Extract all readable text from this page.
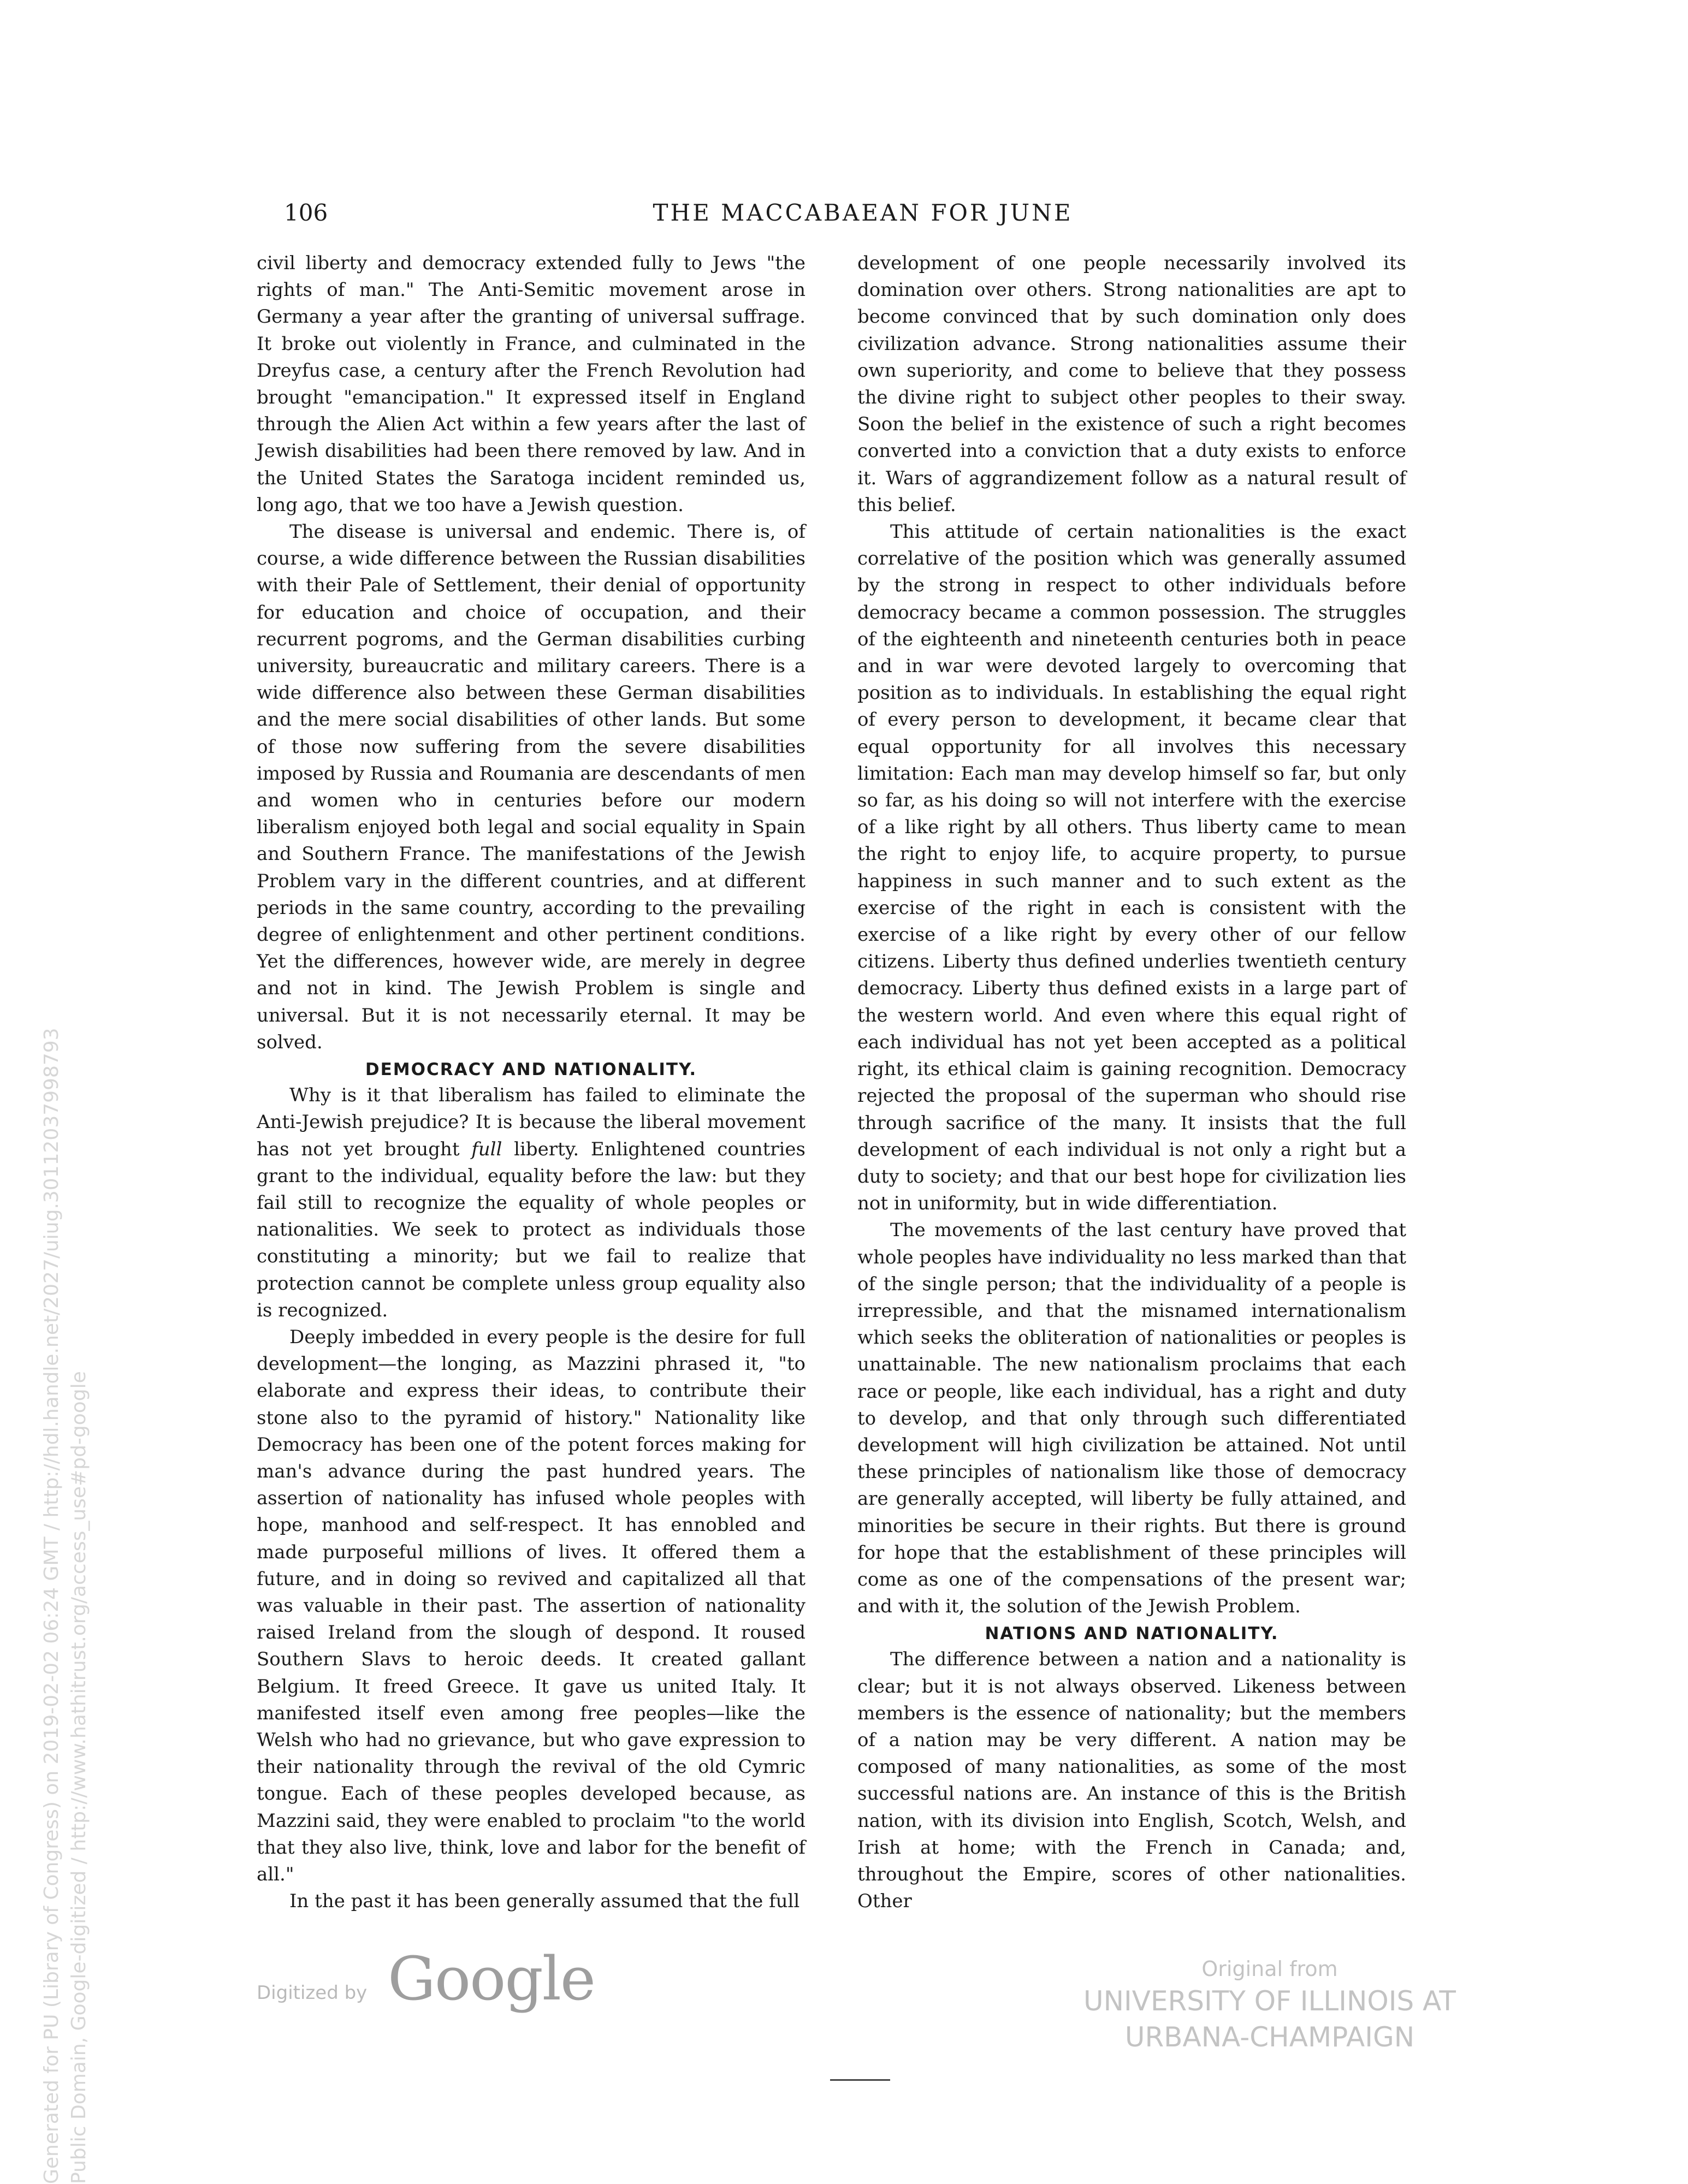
106	THE MACCABAEAN FOR JUNE

civil liberty and democracy extended fully to Jews "the rights of man." The Anti-Semitic movement arose in Germany a year after the granting of universal suffrage. It broke out violently in France, and culminated in the Dreyfus case, a century after the French Revolution had brought "emancipation." It expressed itself in England through the Alien Act within a few years after the last of Jewish disabilities had been there removed by law. And in the United States the Saratoga incident reminded us, long ago, that we too have a Jewish question.

The disease is universal and endemic. There is, of course, a wide difference between the Russian disabilities with their Pale of Settlement, their denial of opportunity for education and choice of occupation, and their recurrent pogroms, and the German disabilities curbing university, bureaucratic and military careers. There is a wide difference also between these German disabilities and the mere social disabilities of other lands. But some of those now suffering from the severe disabilities imposed by Russia and Roumania are descendants of men and women who in centuries before our modern liberalism enjoyed both legal and social equality in Spain and Southern France. The manifestations of the Jewish Problem vary in the different countries, and at different periods in the same country, according to the prevailing degree of enlightenment and other pertinent conditions. Yet the differences, however wide, are merely in degree and not in kind. The Jewish Problem is single and universal. But it is not necessarily eternal. It may be solved.

DEMOCRACY AND NATIONALITY.

Why is it that liberalism has failed to eliminate the Anti-Jewish prejudice? It is because the liberal movement has not yet brought full liberty. Enlightened countries grant to the individual, equality before the law: but they fail still to recognize the equality of whole peoples or nationalities. We seek to protect as individuals those constituting a minority; but we fail to realize that protection cannot be complete unless group equality also is recognized.

Deeply imbedded in every people is the desire for full development—the longing, as Mazzini phrased it, "to elaborate and express their ideas, to contribute their stone also to the pyramid of history." Nationality like Democracy has been one of the potent forces making for man's advance during the past hundred years. The assertion of nationality has infused whole peoples with hope, manhood and self-respect. It has ennobled and made purposeful millions of lives. It offered them a future, and in doing so revived and capitalized all that was valuable in their past. The assertion of nationality raised Ireland from the slough of despond. It roused Southern Slavs to heroic deeds. It created gallant Belgium. It freed Greece. It gave us united Italy. It manifested itself even among free peoples—like the Welsh who had no grievance, but who gave expression to their nationality through the revival of the old Cymric tongue. Each of these peoples developed because, as Mazzini said, they were enabled to proclaim "to the world that they also live, think, love and labor for the benefit of all."

In the past it has been generally assumed that the full

development of one people necessarily involved its domination over others. Strong nationalities are apt to become convinced that by such domination only does civilization advance. Strong nationalities assume their own superiority, and come to believe that they possess the divine right to subject other peoples to their sway. Soon the belief in the existence of such a right becomes converted into a conviction that a duty exists to enforce it. Wars of aggrandizement follow as a natural result of this belief.

This attitude of certain nationalities is the exact correlative of the position which was generally assumed by the strong in respect to other individuals before democracy became a common possession. The struggles of the eighteenth and nineteenth centuries both in peace and in war were devoted largely to overcoming that position as to individuals. In establishing the equal right of every person to development, it became clear that equal opportunity for all involves this necessary limitation: Each man may develop himself so far, but only so far, as his doing so will not interfere with the exercise of a like right by all others. Thus liberty came to mean the right to enjoy life, to acquire property, to pursue happiness in such manner and to such extent as the exercise of the right in each is consistent with the exercise of a like right by every other of our fellow citizens. Liberty thus defined underlies twentieth century democracy. Liberty thus defined exists in a large part of the western world. And even where this equal right of each individual has not yet been accepted as a political right, its ethical claim is gaining recognition. Democracy rejected the proposal of the superman who should rise through sacrifice of the many. It insists that the full development of each individual is not only a right but a duty to society; and that our best hope for civilization lies not in uniformity, but in wide differentiation.

The movements of the last century have proved that whole peoples have individuality no less marked than that of the single person; that the individuality of a people is irrepressible, and that the misnamed internationalism which seeks the obliteration of nationalities or peoples is unattainable. The new nationalism proclaims that each race or people, like each individual, has a right and duty to develop, and that only through such differentiated development will high civilization be attained. Not until these principles of nationalism like those of democracy are generally accepted, will liberty be fully attained, and minorities be secure in their rights. But there is ground for hope that the establishment of these principles will come as one of the compensations of the present war; and with it, the solution of the Jewish Problem.

NATIONS AND NATIONALITY.

The difference between a nation and a nationality is clear; but it is not always observed. Likeness between members is the essence of nationality; but the members of a nation may be very different. A nation may be composed of many nationalities, as some of the most successful nations are. An instance of this is the British nation, with its division into English, Scotch, Welsh, and Irish at home; with the French in Canada; and, throughout the Empire, scores of other nationalities. Other

Generated for PU (Library of Congress) on 2019-02-02 06:24 GMT / http://hdl.handle.net/2027/uiug.30112037998793 Public Domain, Google-digitized / http://www.hathitrust.org/access_use#pd-google	Digitized by Google	Original from
UNIVERSITY OF ILLINOIS AT
URBANA-CHAMPAIGN
